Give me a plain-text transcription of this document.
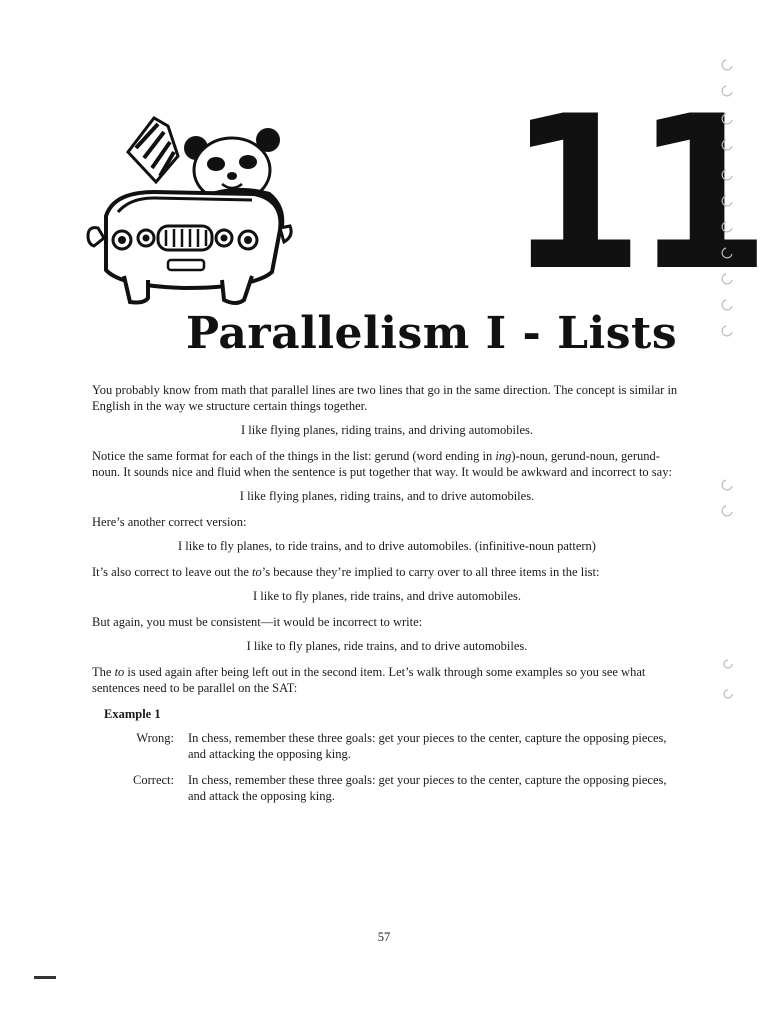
11
Parallelism I - Lists

You probably know from math that parallel lines are two lines that go in the same direction. The concept is similar in English in the way we structure certain things together.

I like flying planes, riding trains, and driving automobiles.

Notice the same format for each of the things in the list: gerund (word ending in ing)-noun, gerund-noun, gerund-noun. It sounds nice and fluid when the sentence is put together that way. It would be awkward and incorrect to say:

I like flying planes, riding trains, and to drive automobiles.

Here’s another correct version:

I like to fly planes, to ride trains, and to drive automobiles. (infinitive-noun pattern)

It’s also correct to leave out the to’s because they’re implied to carry over to all three items in the list:

I like to fly planes, ride trains, and drive automobiles.

But again, you must be consistent—it would be incorrect to write:

I like to fly planes, ride trains, and to drive automobiles.

The to is used again after being left out in the second item. Let’s walk through some examples so you see what sentences need to be parallel on the SAT:

Example 1

Wrong:	In chess, remember these three goals: get your pieces to the center, capture the opposing pieces, and attacking the opposing king.
Correct:	In chess, remember these three goals: get your pieces to the center, capture the opposing pieces, and attack the opposing king.
57
